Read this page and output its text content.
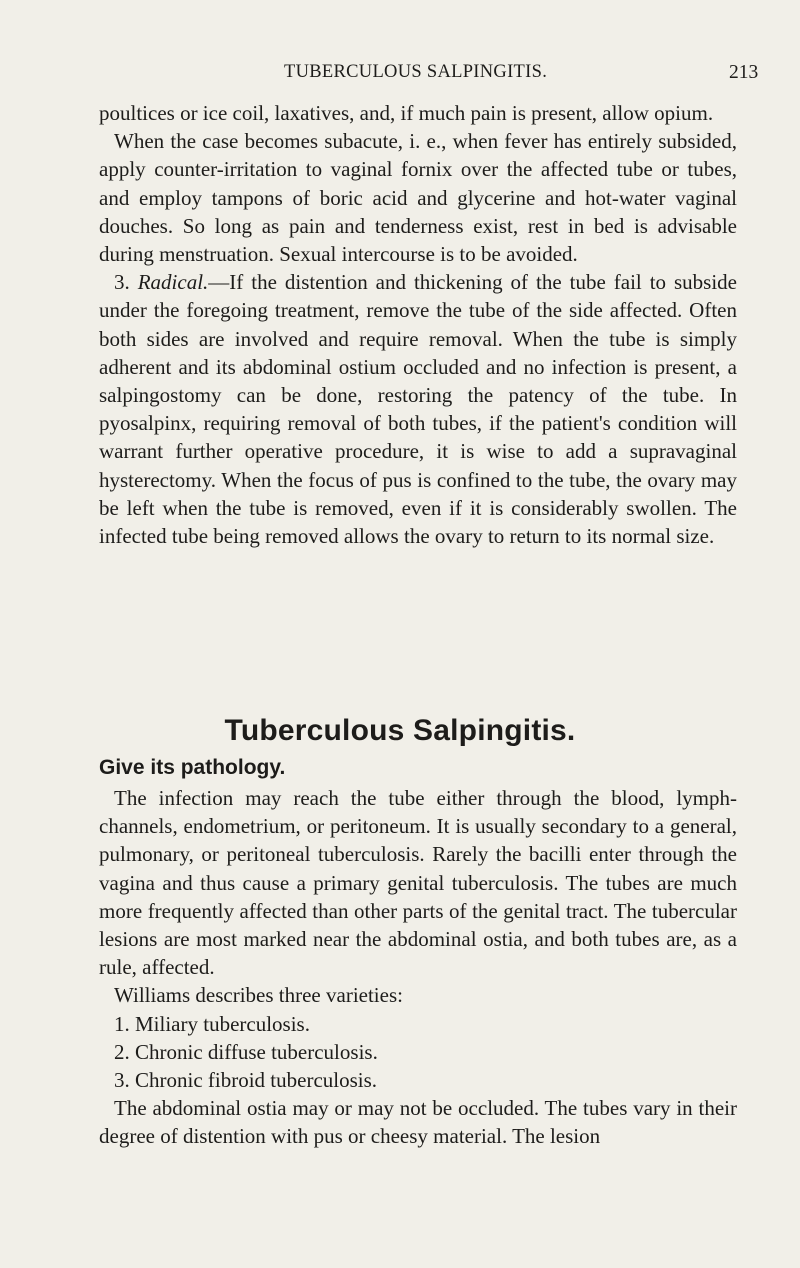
TUBERCULOUS SALPINGITIS.	213

poultices or ice coil, laxatives, and, if much pain is present, allow opium.

When the case becomes subacute, i. e., when fever has entirely subsided, apply counter-irritation to vaginal fornix over the affected tube or tubes, and employ tampons of boric acid and glycerine and hot-water vaginal douches. So long as pain and tenderness exist, rest in bed is advisable during menstruation. Sexual intercourse is to be avoided.

3. Radical.—If the distention and thickening of the tube fail to subside under the foregoing treatment, remove the tube of the side affected. Often both sides are involved and require removal. When the tube is simply adherent and its abdominal ostium occluded and no infection is present, a salpingostomy can be done, restoring the patency of the tube. In pyosalpinx, requiring removal of both tubes, if the patient's condition will warrant further operative procedure, it is wise to add a supravaginal hysterectomy. When the focus of pus is confined to the tube, the ovary may be left when the tube is removed, even if it is considerably swollen. The infected tube being removed allows the ovary to return to its normal size.

Tuberculous Salpingitis.
Give its pathology.

The infection may reach the tube either through the blood, lymph-channels, endometrium, or peritoneum. It is usually secondary to a general, pulmonary, or peritoneal tuberculosis. Rarely the bacilli enter through the vagina and thus cause a primary genital tuberculosis. The tubes are much more frequently affected than other parts of the genital tract. The tubercular lesions are most marked near the abdominal ostia, and both tubes are, as a rule, affected.

Williams describes three varieties:

1. Miliary tuberculosis.

2. Chronic diffuse tuberculosis.

3. Chronic fibroid tuberculosis.

The abdominal ostia may or may not be occluded. The tubes vary in their degree of distention with pus or cheesy material. The lesion
